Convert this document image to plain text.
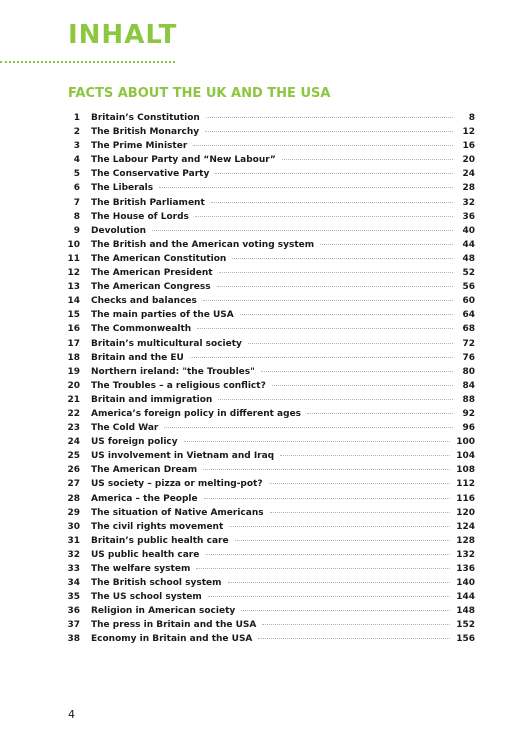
INHALT
FACTS ABOUT THE UK AND THE USA
1 Britain’s Constitution	8
2 The British Monarchy	12
3 The Prime Minister	16
4 The Labour Party and “New Labour”	20
5 The Conservative Party	24
6 The Liberals	28
7 The British Parliament	32
8 The House of Lords	36
9 Devolution	40
10 The British and the American voting system	44
11 The American Constitution	48
12 The American President	52
13 The American Congress	56
14 Checks and balances	60
15 The main parties of the USA	64
16 The Commonwealth	68
17 Britain’s multicultural society	72
18 Britain and the EU	76
19 Northern ireland: "the Troubles"	80
20 The Troubles – a religious conflict?	84
21 Britain and immigration	88
22 America’s foreign policy in different ages	92
23 The Cold War	96
24 US foreign policy	100
25 US involvement in Vietnam and Iraq	104
26 The American Dream	108
27 US society – pizza or melting-pot?	112
28 America – the People	116
29 The situation of Native Americans	120
30 The civil rights movement	124
31 Britain’s public health care	128
32 US public health care	132
33 The welfare system	136
34 The British school system	140
35 The US school system	144
36 Religion in American society	148
37 The press in Britain and the USA	152
38 Economy in Britain and the USA	156
4
